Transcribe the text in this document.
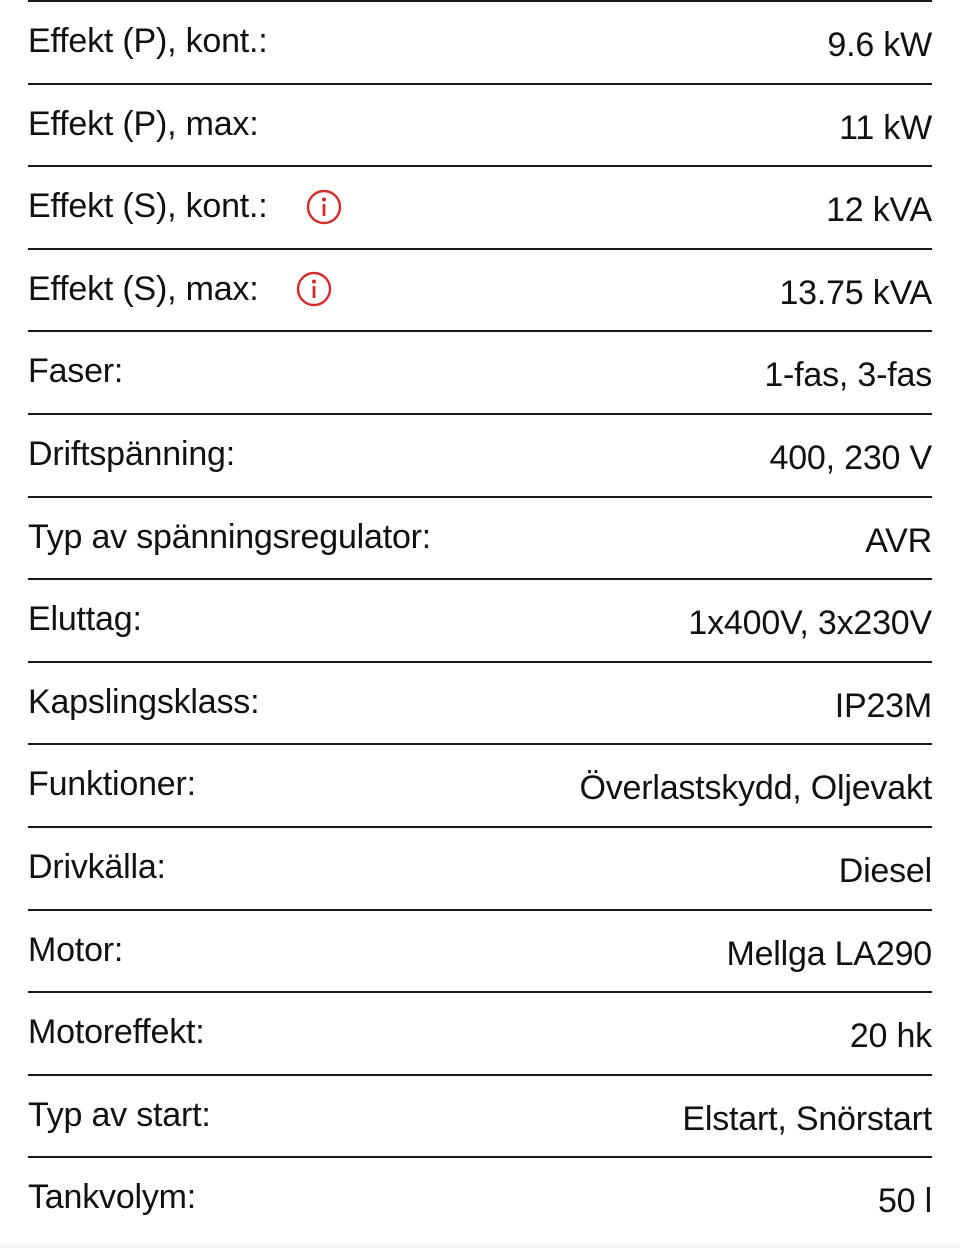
Effekt (P), kont.:	9.6 kW
Effekt (P), max:	11 kW
Effekt (S), kont.:	12 kVA
Effekt (S), max:	13.75 kVA
Faser:	1-fas, 3-fas
Driftspänning:	400, 230 V
Typ av spänningsregulator:	AVR
Eluttag:	1x400V, 3x230V
Kapslingsklass:	IP23M
Funktioner:	Överlastskydd, Oljevakt
Drivkälla:	Diesel
Motor:	Mellga LA290
Motoreffekt:	20 hk
Typ av start:	Elstart, Snörstart
Tankvolym:	50 l
